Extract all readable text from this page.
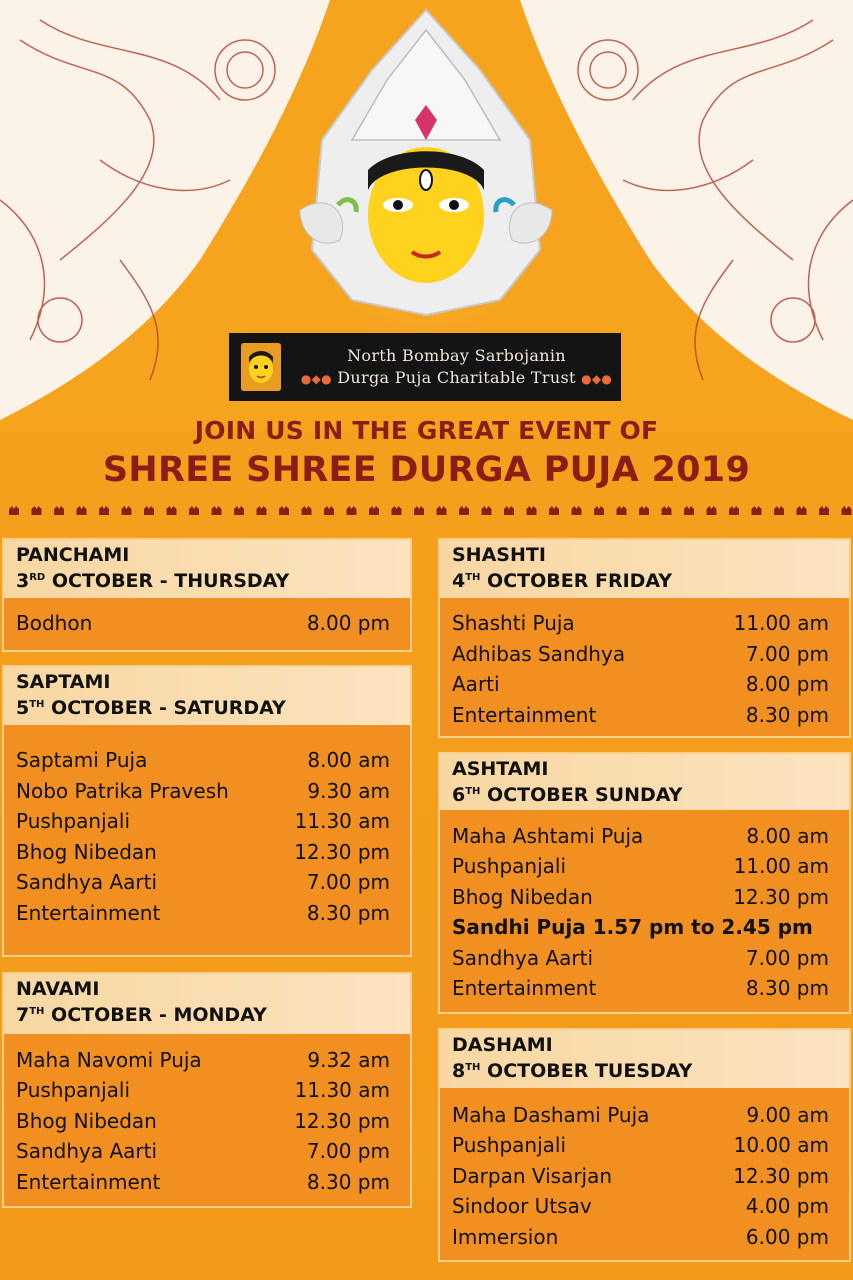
North Bombay Sarbojanin
●◆● Durga Puja Charitable Trust ●◆●
JOIN US IN THE GREAT EVENT OF
SHREE SHREE DURGA PUJA 2019
PANCHAMI
3RD OCTOBER - THURSDAY
Bodhon	8.00 pm
SAPTAMI
5TH OCTOBER - SATURDAY
Saptami Puja	8.00 am
Nobo Patrika Pravesh	9.30 am
Pushpanjali	11.30 am
Bhog Nibedan	12.30 pm
Sandhya Aarti	7.00 pm
Entertainment	8.30 pm
NAVAMI
7TH OCTOBER - MONDAY
Maha Navomi Puja	9.32 am
Pushpanjali	11.30 am
Bhog Nibedan	12.30 pm
Sandhya Aarti	7.00 pm
Entertainment	8.30 pm
SHASHTI
4TH OCTOBER FRIDAY
Shashti Puja	11.00 am
Adhibas Sandhya	7.00 pm
Aarti	8.00 pm
Entertainment	8.30 pm
ASHTAMI
6TH OCTOBER SUNDAY
Maha Ashtami Puja	8.00 am
Pushpanjali	11.00 am
Bhog Nibedan	12.30 pm
Sandhi Puja 1.57 pm to 2.45 pm
Sandhya Aarti	7.00 pm
Entertainment	8.30 pm
DASHAMI
8TH OCTOBER TUESDAY
Maha Dashami Puja	9.00 am
Pushpanjali	10.00 am
Darpan Visarjan	12.30 pm
Sindoor Utsav	4.00 pm
Immersion	6.00 pm
